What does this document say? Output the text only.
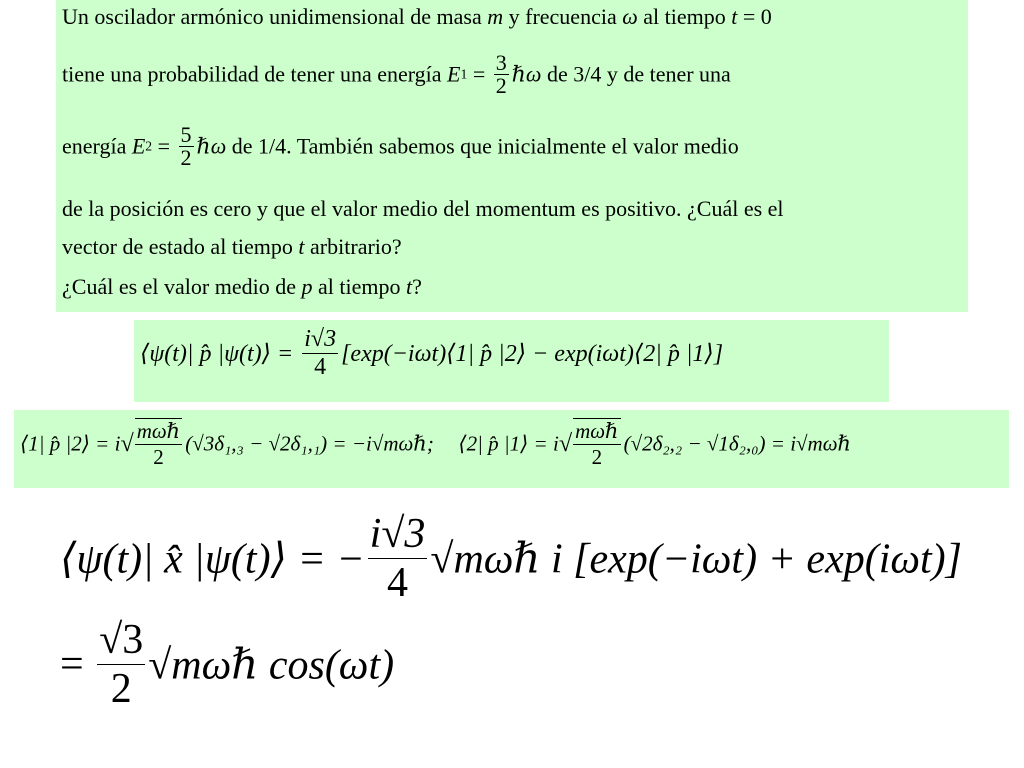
Un oscilador armónico unidimensional de masa m y frecuencia ω al tiempo t = 0
tiene una probabilidad de tener una energía $E1 = \frac{3}{2}$ ℏω de 3/4 y de tener una
energía $E2 = \frac{5}{2}$ ℏω de 1/4. También sabemos que inicialmente el valor medio
de la posición es cero y que el valor medio del momentum es positivo. ¿Cuál es el
vector de estado al tiempo t arbitrario?
¿Cuál es el valor medio de p al tiempo t?
⟨ψ(t)| p̂ |ψ(t)⟩ = $\frac{i√3}{4}$ [exp(−iωt)⟨1| p̂ |2⟩ − exp(iωt)⟨2| p̂ |1⟩]
⟨1| p̂ |2⟩ = $i√ \frac{\text{mωℏ}}{2} (√3\delta_1,_3 - √2\delta_1,_1)$ = −i√mωℏ; ⟨2| p̂ |1⟩ = $i√ \frac{\text{mωℏ}}{2} (√2\delta_2,_2 - √1\delta_2,_0)$ = i√mωℏ
⟨ψ(t)| x̂ |ψ(t)⟩ = − $\frac{i√3}{4}$ √mωℏ i [exp(−iωt) + exp(iωt)]
= $\frac{√3}{2}$ √mωℏ cos(ωt)
